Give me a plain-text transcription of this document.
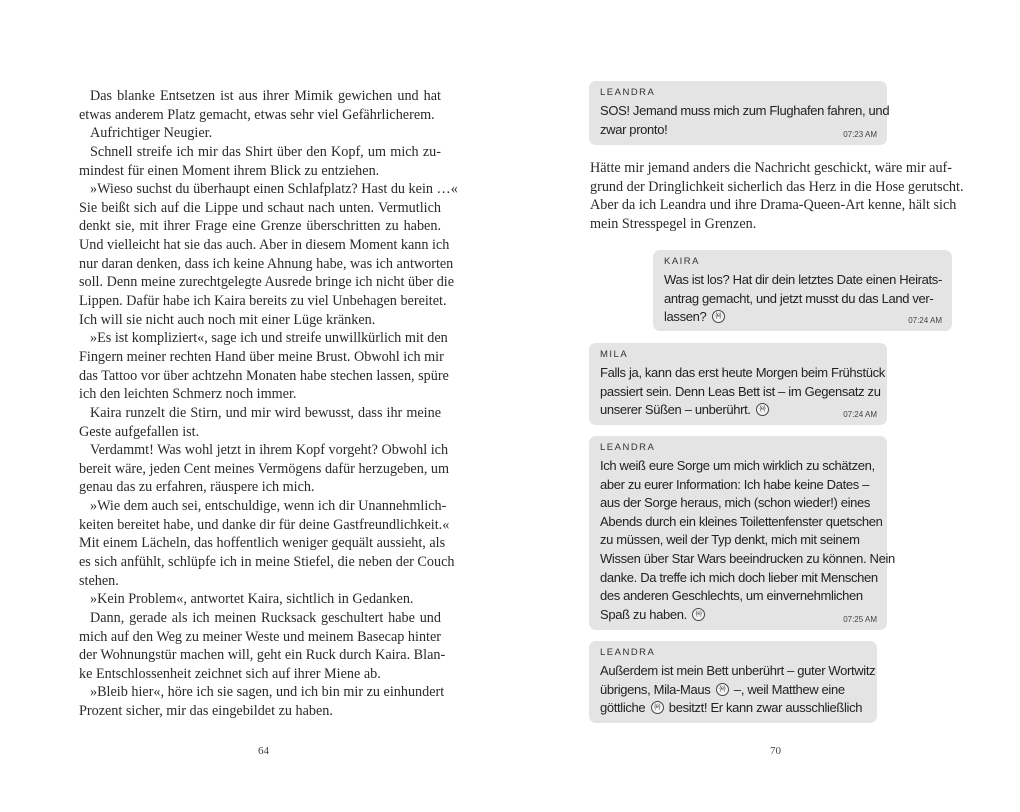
Das blanke Entsetzen ist aus ihrer Mimik gewichen und hat
etwas anderem Platz gemacht, etwas sehr viel Gefährlicherem.
Aufrichtiger Neugier.
Schnell streife ich mir das Shirt über den Kopf, um mich zu-
mindest für einen Moment ihrem Blick zu entziehen.
»Wieso suchst du überhaupt einen Schlafplatz? Hast du kein …«
Sie beißt sich auf die Lippe und schaut nach unten. Vermutlich
denkt sie, mit ihrer Frage eine Grenze überschritten zu haben.
Und vielleicht hat sie das auch. Aber in diesem Moment kann ich
nur daran denken, dass ich keine Ahnung habe, was ich antworten
soll. Denn meine zurechtgelegte Ausrede bringe ich nicht über die
Lippen. Dafür habe ich Kaira bereits zu viel Unbehagen bereitet.
Ich will sie nicht auch noch mit einer Lüge kränken.
»Es ist kompliziert«, sage ich und streife unwillkürlich mit den
Fingern meiner rechten Hand über meine Brust. Obwohl ich mir
das Tattoo vor über achtzehn Monaten habe stechen lassen, spüre
ich den leichten Schmerz noch immer.
Kaira runzelt die Stirn, und mir wird bewusst, dass ihr meine
Geste aufgefallen ist.
Verdammt! Was wohl jetzt in ihrem Kopf vorgeht? Obwohl ich
bereit wäre, jeden Cent meines Vermögens dafür herzugeben, um
genau das zu erfahren, räuspere ich mich.
»Wie dem auch sei, entschuldige, wenn ich dir Unannehmlich-
keiten bereitet habe, und danke dir für deine Gastfreundlichkeit.«
Mit einem Lächeln, das hoffentlich weniger gequält aussieht, als
es sich anfühlt, schlüpfe ich in meine Stiefel, die neben der Couch
stehen.
»Kein Problem«, antwortet Kaira, sichtlich in Gedanken.
Dann, gerade als ich meinen Rucksack geschultert habe und
mich auf den Weg zu meiner Weste und meinem Basecap hinter
der Wohnungstür machen will, geht ein Ruck durch Kaira. Blan-
ke Entschlossenheit zeichnet sich auf ihrer Miene ab.
»Bleib hier«, höre ich sie sagen, und ich bin mir zu einhundert
Prozent sicher, mir das eingebildet zu haben.
64
LEANDRA
SOS! Jemand muss mich zum Flughafen fahren, und
zwar pronto!	07:23 AM
KAIRA
Was ist los? Hat dir dein letztes Date einen Heirats-
antrag gemacht, und jetzt musst du das Land ver-
lassen? {e}	07:24 AM
MILA
Falls ja, kann das erst heute Morgen beim Frühstück
passiert sein. Denn Leas Bett ist – im Gegensatz zu
unserer Süßen – unberührt. {e}
07:24 AM
LEANDRA
Ich weiß eure Sorge um mich wirklich zu schätzen,
aber zu eurer Information: Ich habe keine Dates –
aus der Sorge heraus, mich (schon wieder!) eines
Abends durch ein kleines Toilettenfenster quetschen
zu müssen, weil der Typ denkt, mich mit seinem
Wissen über Star Wars beeindrucken zu können. Nein
danke. Da treffe ich mich doch lieber mit Menschen
des anderen Geschlechts, um einvernehmlichen
Spaß zu haben. {e}
07:25 AM
LEANDRA
Außerdem ist mein Bett unberührt – guter Wortwitz
übrigens, Mila-Maus {e} –, weil Matthew eine
göttliche {e} besitzt! Er kann zwar ausschließlich
Hätte mir jemand anders die Nachricht geschickt, wäre mir auf-
grund der Dringlichkeit sicherlich das Herz in die Hose gerutscht.
Aber da ich Leandra und ihre Drama-Queen-Art kenne, hält sich
mein Stresspegel in Grenzen.
70
